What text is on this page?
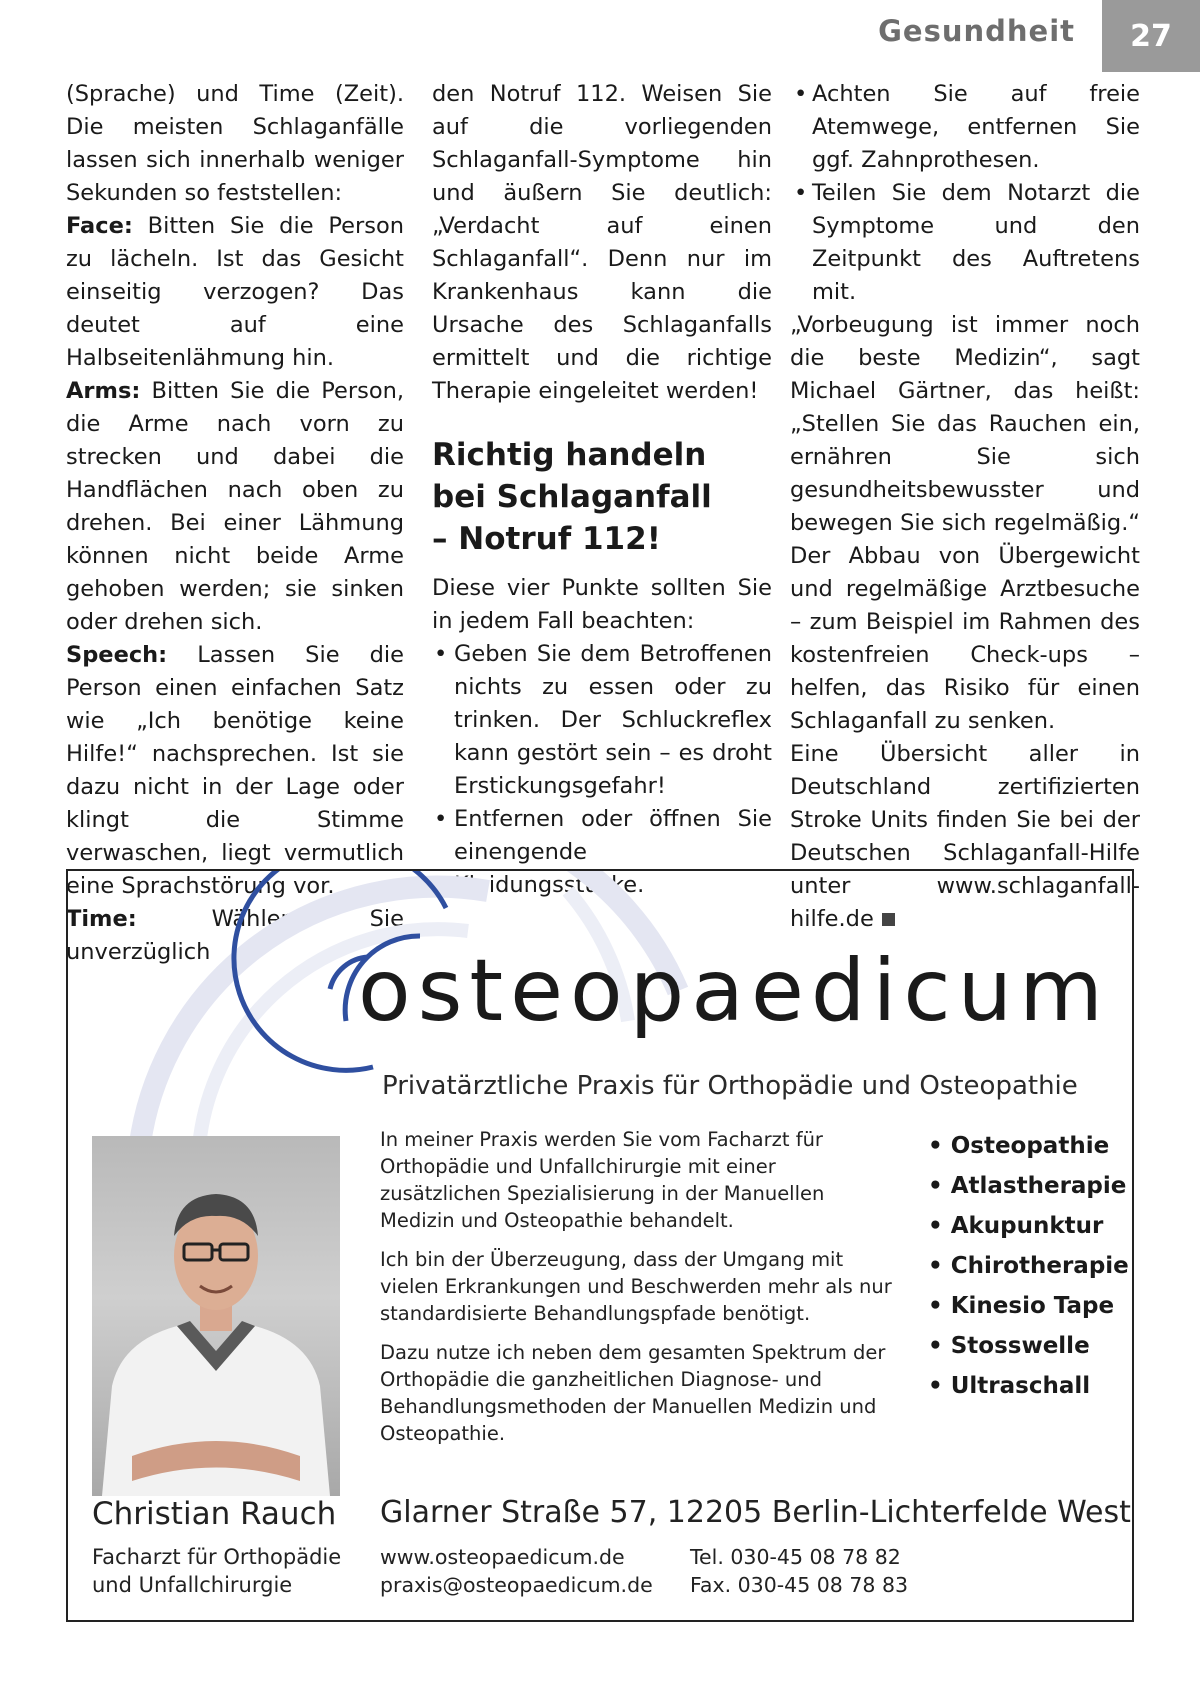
Gesundheit	27

(Sprache) und Time (Zeit). Die meisten Schlaganfälle lassen sich innerhalb weniger Sekunden so feststellen:

Face: Bitten Sie die Person zu lächeln. Ist das Gesicht einseitig verzogen? Das deutet auf eine Halbseitenlähmung hin.

Arms: Bitten Sie die Person, die Arme nach vorn zu strecken und dabei die Handflächen nach oben zu drehen. Bei einer Lähmung können nicht beide Arme gehoben werden; sie sinken oder drehen sich.

Speech: Lassen Sie die Person einen einfachen Satz wie „Ich benötige keine Hilfe!“ nachsprechen. Ist sie dazu nicht in der Lage oder klingt die Stimme verwaschen, liegt vermutlich eine Sprachstörung vor.

Time: Wählen Sie unverzüglich

den Notruf 112. Weisen Sie auf die vorliegenden Schlaganfall-Symptome hin und äußern Sie deutlich: „Verdacht auf einen Schlaganfall“. Denn nur im Krankenhaus kann die Ursache des Schlaganfalls ermittelt und die richtige Therapie eingeleitet werden!

Richtig handeln
bei Schlaganfall
– Notruf 112!

Diese vier Punkte sollten Sie in jedem Fall beachten:

• Geben Sie dem Betroffenen nichts zu essen oder zu trinken. Der Schluckreflex kann gestört sein – es droht Erstickungsgefahr!

• Entfernen oder öffnen Sie einengende Kleidungsstücke.

• Achten Sie auf freie Atemwege, entfernen Sie ggf. Zahnprothesen.

• Teilen Sie dem Notarzt die Symptome und den Zeitpunkt des Auftretens mit.

„Vorbeugung ist immer noch die beste Medizin“, sagt Michael Gärtner, das heißt: „Stellen Sie das Rauchen ein, ernähren Sie sich gesundheitsbewusster und bewegen Sie sich regelmäßig.“ Der Abbau von Übergewicht und regelmäßige Arztbesuche – zum Beispiel im Rahmen des kostenfreien Check-ups – helfen, das Risiko für einen Schlaganfall zu senken.

Eine Übersicht aller in Deutschland zertifizierten Stroke Units finden Sie bei der Deutschen Schlaganfall-Hilfe unter www.schlaganfall-hilfe.de

osteopaedicum
Privatärztliche Praxis für Orthopädie und Osteopathie

In meiner Praxis werden Sie vom Facharzt für Orthopädie und Unfallchirurgie mit einer zusätzlichen Spezialisierung in der Manuellen Medizin und Osteopathie behandelt.

Ich bin der Überzeugung, dass der Umgang mit vielen Erkrankungen und Beschwerden mehr als nur standardisierte Behandlungspfade benötigt.

Dazu nutze ich neben dem gesamten Spektrum der Orthopädie die ganzheitlichen Diagnose- und Behandlungsmethoden der Manuellen Medizin und Osteopathie.

• Osteopathie
• Atlastherapie
• Akupunktur
• Chirotherapie
• Kinesio Tape
• Stosswelle
• Ultraschall
Christian Rauch
Facharzt für Orthopädie
und Unfallchirurgie
Glarner Straße 57, 12205 Berlin-Lichterfelde West
www.osteopaedicum.de
praxis@osteopaedicum.de
Tel. 030-45 08 78 82
Fax. 030-45 08 78 83
